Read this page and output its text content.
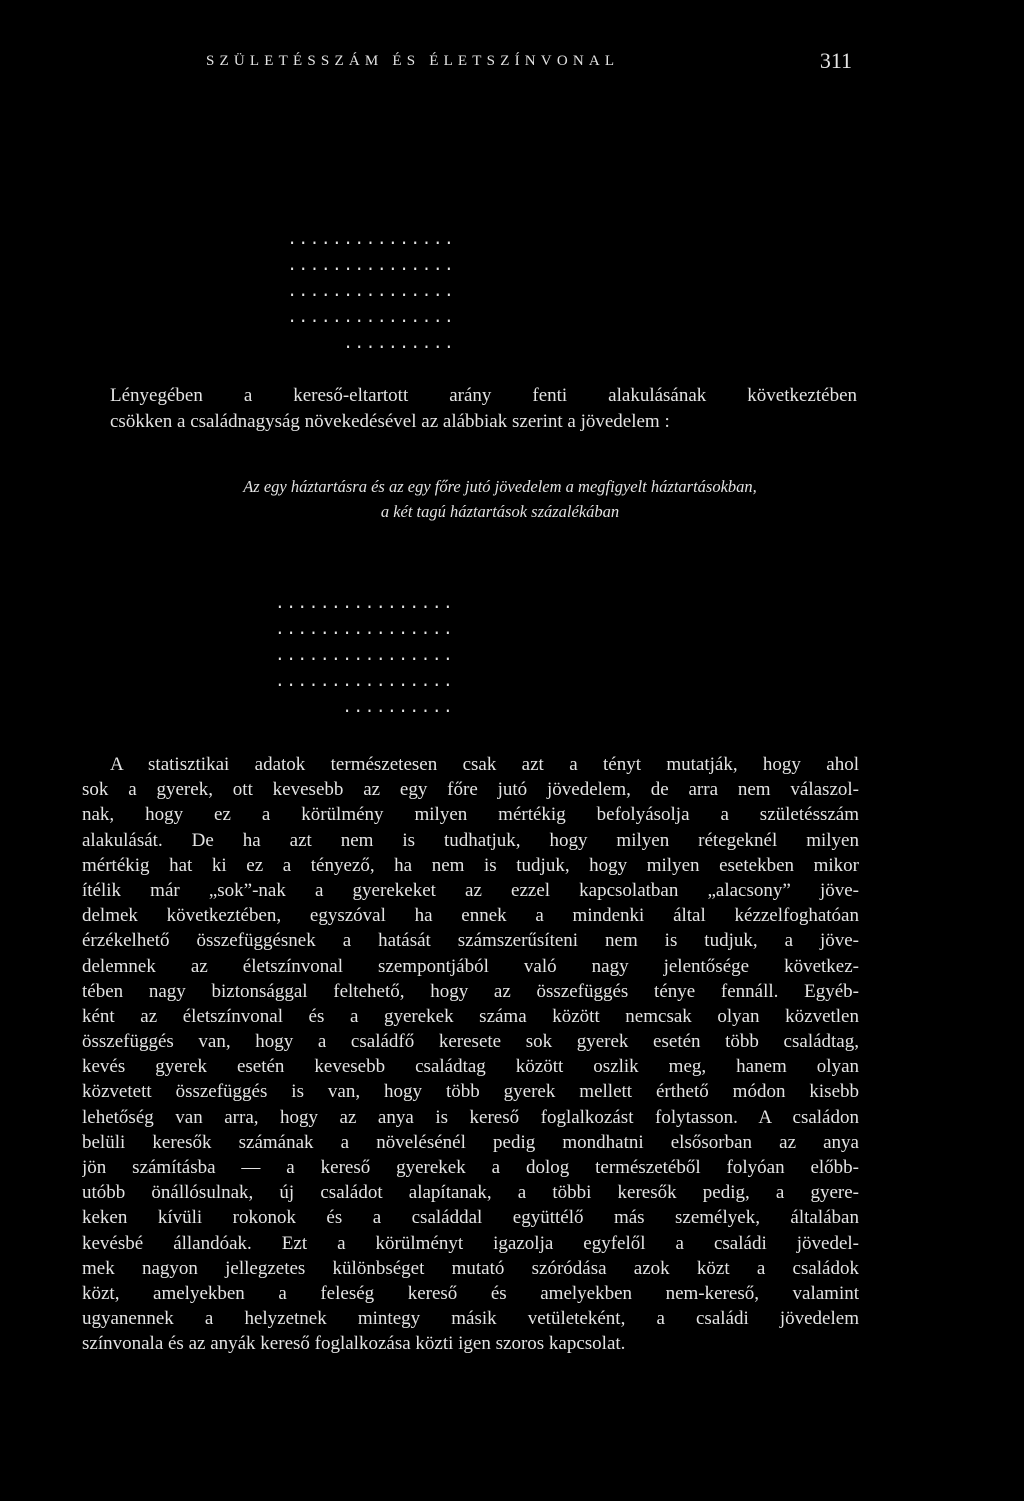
SZÜLETÉSSZÁM ÉS ÉLETSZÍNVONAL	311
...............
...............
...............
...............
..........
Lényegében a kereső-eltartott arány fenti alakulásának következtében
csökken a családnagyság növekedésével az alábbiak szerint a jövedelem :
Az egy háztartásra és az egy főre jutó jövedelem a megfigyelt háztartásokban,
a két tagú háztartások százalékában
................
................
................
................
..........
A statisztikai adatok természetesen csak azt a tényt mutatják, hogy ahol
sok a gyerek, ott kevesebb az egy főre jutó jövedelem, de arra nem válaszol-
nak, hogy ez a körülmény milyen mértékig befolyásolja a születésszám
alakulását. De ha azt nem is tudhatjuk, hogy milyen rétegeknél milyen
mértékig hat ki ez a tényező, ha nem is tudjuk, hogy milyen esetekben mikor
ítélik már „sok”-nak a gyerekeket az ezzel kapcsolatban „alacsony” jöve-
delmek következtében, egyszóval ha ennek a mindenki által kézzelfoghatóan
érzékelhető összefüggésnek a hatását számszerűsíteni nem is tudjuk, a jöve-
delemnek az életszínvonal szempontjából való nagy jelentősége következ-
tében nagy biztonsággal feltehető, hogy az összefüggés ténye fennáll. Egyéb-
ként az életszínvonal és a gyerekek száma között nemcsak olyan közvetlen
összefüggés van, hogy a családfő keresete sok gyerek esetén több családtag,
kevés gyerek esetén kevesebb családtag között oszlik meg, hanem olyan
közvetett összefüggés is van, hogy több gyerek mellett érthető módon kisebb
lehetőség van arra, hogy az anya is kereső foglalkozást folytasson. A családon
belüli keresők számának a növelésénél pedig mondhatni elsősorban az anya
jön számításba — a kereső gyerekek a dolog természetéből folyóan előbb-
utóbb önállósulnak, új családot alapítanak, a többi keresők pedig, a gyere-
keken kívüli rokonok és a családdal együttélő más személyek, általában
kevésbé állandóak. Ezt a körülményt igazolja egyfelől a családi jövedel-
mek nagyon jellegzetes különbséget mutató szóródása azok közt a családok
közt, amelyekben a feleség kereső és amelyekben nem-kereső, valamint
ugyanennek a helyzetnek mintegy másik vetületeként, a családi jövedelem
színvonala és az anyák kereső foglalkozása közti igen szoros kapcsolat.
